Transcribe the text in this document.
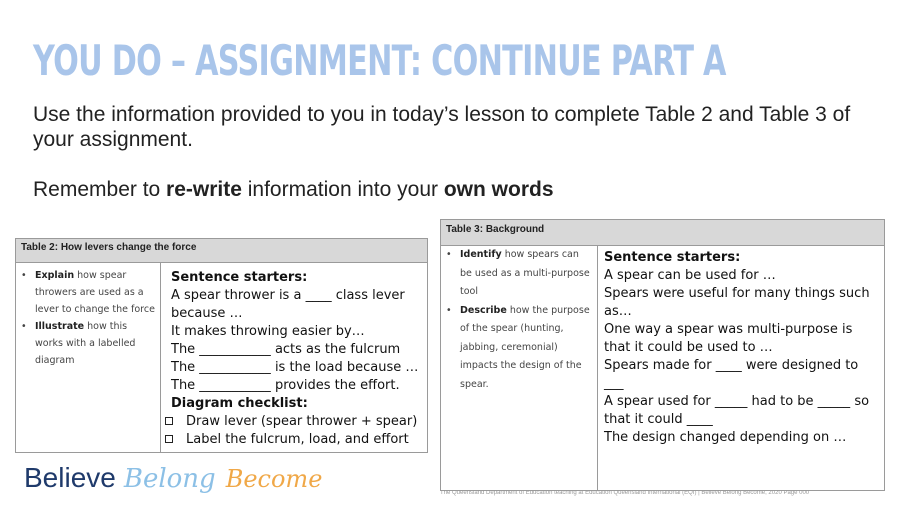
YOU DO – ASSIGNMENT: CONTINUE PART A
Use the information provided to you in today’s lesson to complete Table 2 and Table 3 of your assignment.
Remember to re-write information into your own words
Table 2: How levers change the force
• Explain how spear throwers are used as a lever to change the force
• Illustrate how this works with a labelled diagram
Sentence starters:
A spear thrower is a ____ class lever because …
It makes throwing easier by…
The ___________ acts as the fulcrum
The ___________ is the load because …
The ___________ provides the effort.
Diagram checklist:
Draw lever (spear thrower + spear)
Label the fulcrum, load, and effort
Table 3: Background
• Identify how spears can be used as a multi-purpose tool
• Describe how the purpose of the spear (hunting, jabbing, ceremonial) impacts the design of the spear.
Sentence starters:
A spear can be used for …
Spears were useful for many things such as…
One way a spear was multi-purpose is that it could be used to …
Spears made for ____ were designed to ___
A spear used for _____ had to be _____ so that it could ____
The design changed depending on …
Believe Belong Become	The Queensland Department of Education teaching at Education Queensland International (EQI) | Believe Belong Become, 2020 Page 000
